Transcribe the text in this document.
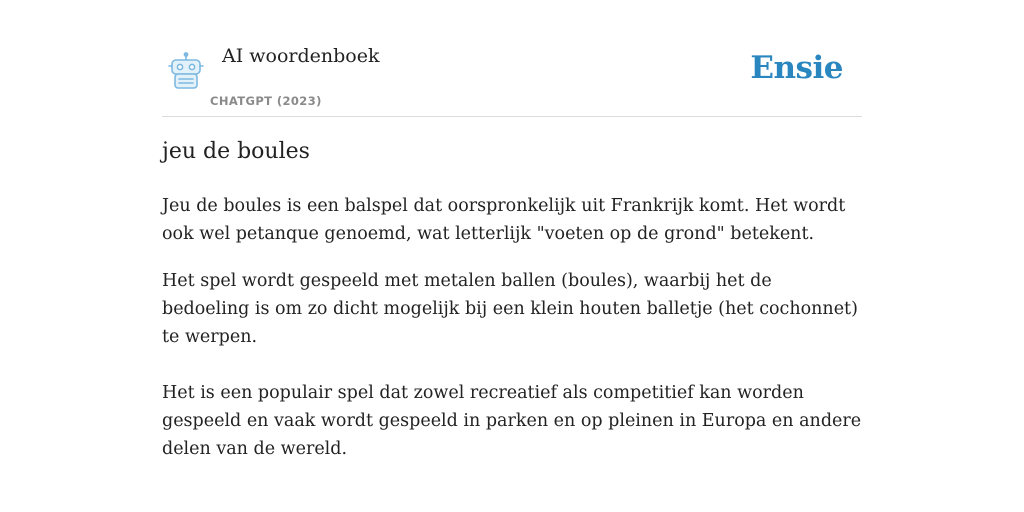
AI woordenboek
CHATGPT (2023)
Ensie
jeu de boules

Jeu de boules is een balspel dat oorspronkelijk uit Frankrijk komt. Het wordt ook wel petanque genoemd, wat letterlijk "voeten op de grond" betekent.

Het spel wordt gespeeld met metalen ballen (boules), waarbij het de bedoeling is om zo dicht mogelijk bij een klein houten balletje (het cochonnet) te werpen.

Het is een populair spel dat zowel recreatief als competitief kan worden gespeeld en vaak wordt gespeeld in parken en op pleinen in Europa en andere delen van de wereld.
